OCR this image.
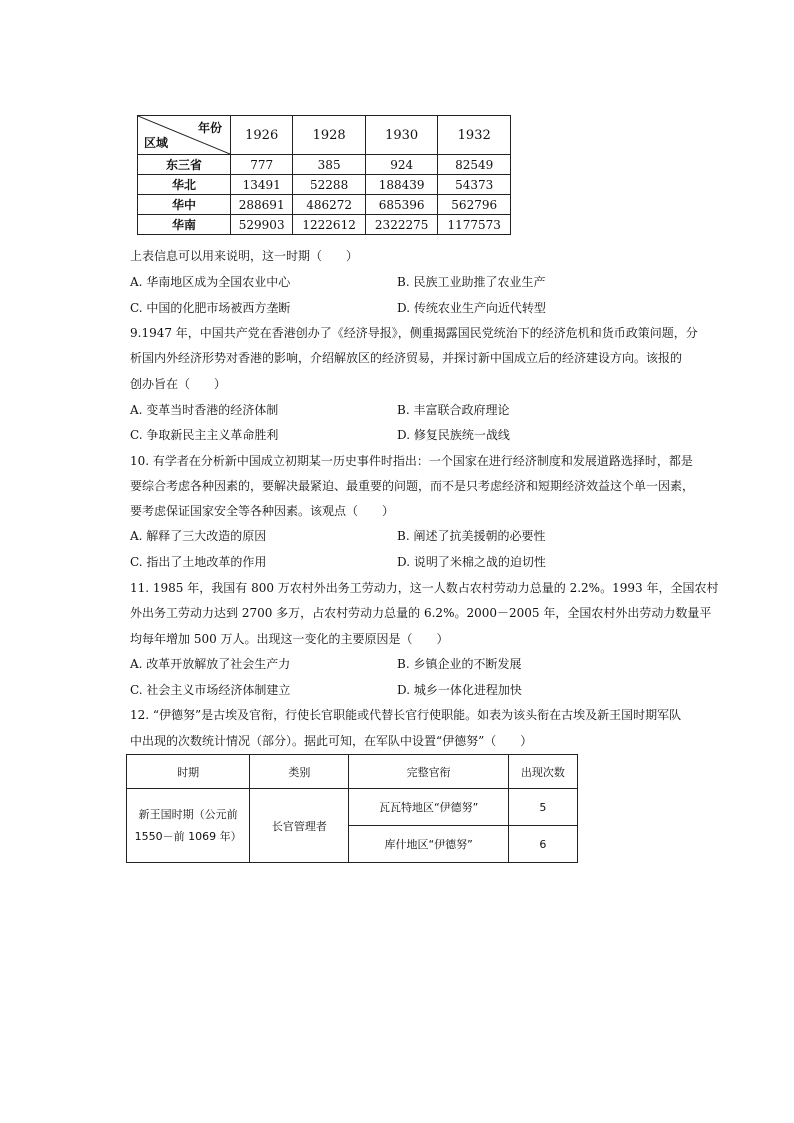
年份
区域	1926	1928	1930	1932
东三省	777	385	924	82549
华北	13491	52288	188439	54373
华中	288691	486272	685396	562796
华南	529903	1222612	2322275	1177573
上表信息可以用来说明，这一时期（　　）
A. 华南地区成为全国农业中心	B. 民族工业助推了农业生产
C. 中国的化肥市场被西方垄断	D. 传统农业生产向近代转型
9.1947 年，中国共产党在香港创办了《经济导报》，侧重揭露国民党统治下的经济危机和货币政策问题，分
析国内外经济形势对香港的影响，介绍解放区的经济贸易，并探讨新中国成立后的经济建设方向。该报的
创办旨在（　　）
A. 变革当时香港的经济体制	B. 丰富联合政府理论
C. 争取新民主主义革命胜利	D. 修复民族统一战线
10. 有学者在分析新中国成立初期某一历史事件时指出：一个国家在进行经济制度和发展道路选择时，都是
要综合考虑各种因素的，要解决最紧迫、最重要的问题，而不是只考虑经济和短期经济效益这个单一因素，
要考虑保证国家安全等各种因素。该观点（　　）
A. 解释了三大改造的原因	B. 阐述了抗美援朝的必要性
C. 指出了土地改革的作用	D. 说明了米棉之战的迫切性
11. 1985 年，我国有 800 万农村外出务工劳动力，这一人数占农村劳动力总量的 2.2%。1993 年，全国农村
外出务工劳动力达到 2700 多万，占农村劳动力总量的 6.2%。2000－2005 年，全国农村外出劳动力数量平
均每年增加 500 万人。出现这一变化的主要原因是（　　）
A. 改革开放解放了社会生产力	B. 乡镇企业的不断发展
C. 社会主义市场经济体制建立	D. 城乡一体化进程加快
12. “伊德努”是古埃及官衔，行使长官职能或代替长官行使职能。如表为该头衔在古埃及新王国时期军队
中出现的次数统计情况（部分）。据此可知，在军队中设置“伊德努”（　　）
时期	类别	完整官衔	出现次数

新王国时期（公元前
1550－前 1069 年）	长官管理者	瓦瓦特地区“伊德努”	5
		库什地区“伊德努”	6
